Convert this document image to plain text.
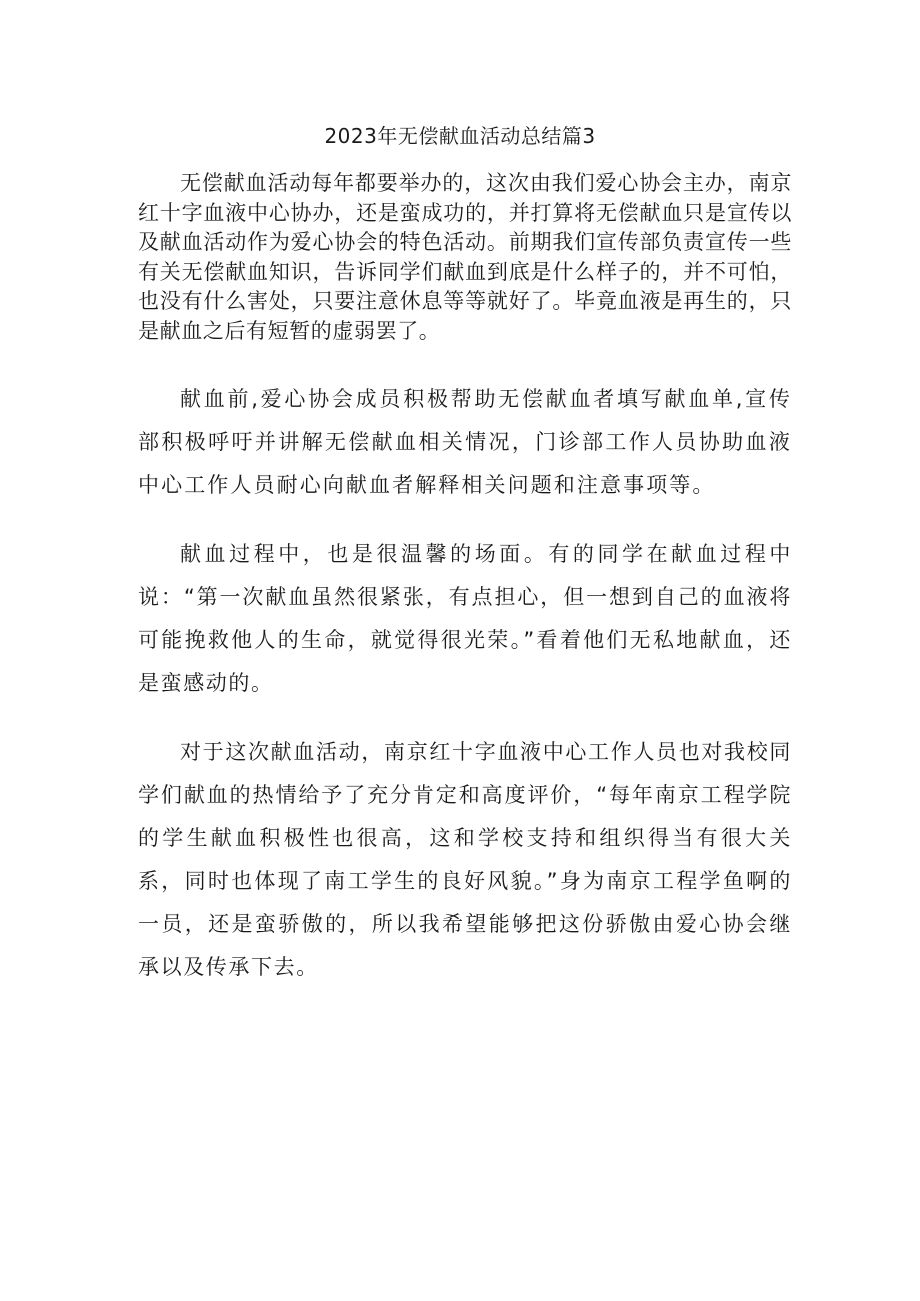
2023年无偿献血活动总结篇3

无偿献血活动每年都要举办的，这次由我们爱心协会主办，南京红十字血液中心协办，还是蛮成功的，并打算将无偿献血只是宣传以及献血活动作为爱心协会的特色活动。前期我们宣传部负责宣传一些有关无偿献血知识，告诉同学们献血到底是什么样子的，并不可怕，也没有什么害处，只要注意休息等等就好了。毕竟血液是再生的，只是献血之后有短暂的虚弱罢了。

献血前,爱心协会成员积极帮助无偿献血者填写献血单,宣传部积极呼吁并讲解无偿献血相关情况，门诊部工作人员协助血液中心工作人员耐心向献血者解释相关问题和注意事项等。

献血过程中，也是很温馨的场面。有的同学在献血过程中说：“第一次献血虽然很紧张，有点担心，但一想到自己的血液将可能挽救他人的生命，就觉得很光荣。”看着他们无私地献血，还是蛮感动的。

对于这次献血活动，南京红十字血液中心工作人员也对我校同学们献血的热情给予了充分肯定和高度评价，“每年南京工程学院的学生献血积极性也很高，这和学校支持和组织得当有很大关系，同时也体现了南工学生的良好风貌。”身为南京工程学鱼啊的一员，还是蛮骄傲的，所以我希望能够把这份骄傲由爱心协会继承以及传承下去。
